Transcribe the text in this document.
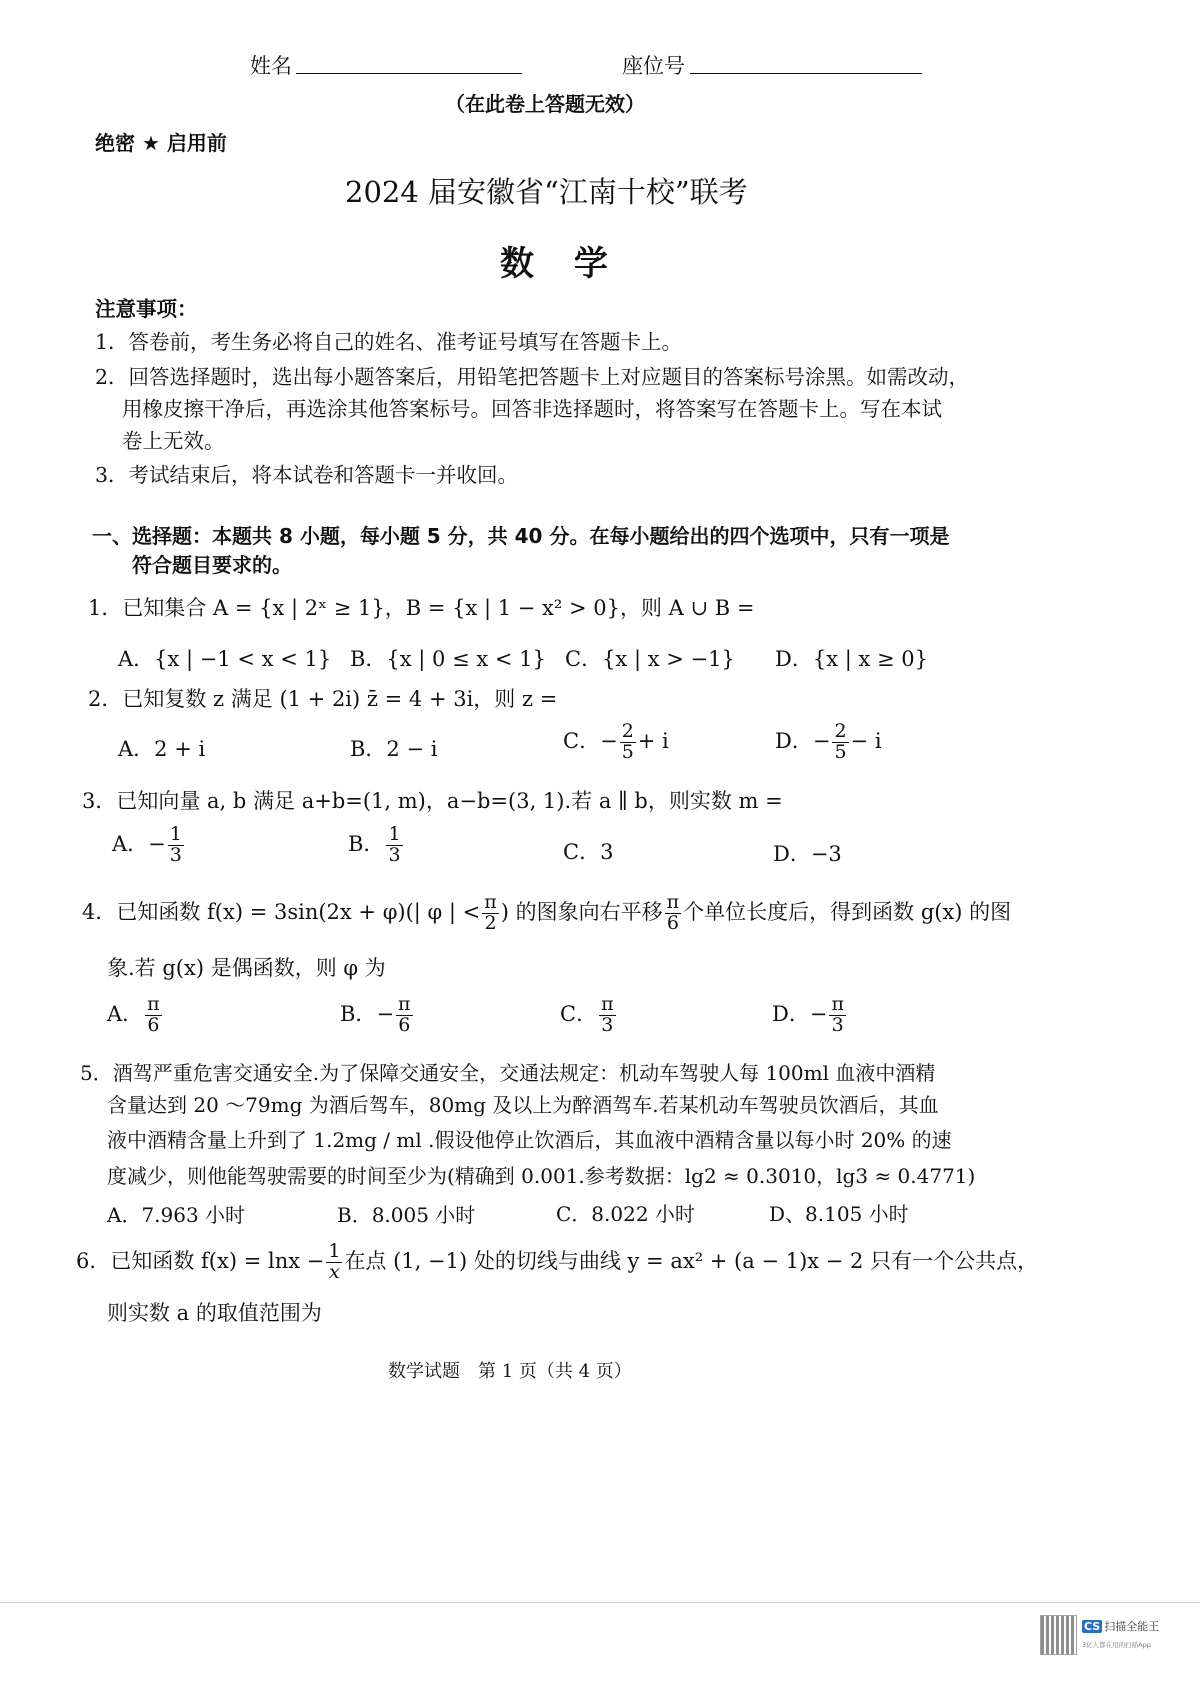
姓名	座位号
（在此卷上答题无效）
绝密 ★ 启用前
2024 届安徽省“江南十校”联考
数 学
注意事项：
1．答卷前，考生务必将自己的姓名、准考证号填写在答题卡上。
2．回答选择题时，选出每小题答案后，用铅笔把答题卡上对应题目的答案标号涂黑。如需改动，
用橡皮擦干净后，再选涂其他答案标号。回答非选择题时，将答案写在答题卡上。写在本试
卷上无效。
3．考试结束后，将本试卷和答题卡一并收回。
一、选择题：本题共 8 小题，每小题 5 分，共 40 分。在每小题给出的四个选项中，只有一项是
符合题目要求的。
1．已知集合 A = {x | 2ˣ ≥ 1}，B = {x | 1 − x² > 0}，则 A ∪ B =
A．{x | −1 < x < 1} B．{x | 0 ≤ x < 1} C．{x | x > −1} D．{x | x ≥ 0}
2．已知复数 z 满足 (1 + 2i) z̄ = 4 + 3i，则 z =
A．2 + i	B．2 − i	C．− $\frac{2}{5} + i$	D．− $\frac{2}{5} - i$
3．已知向量 a, b 满足 a+b=(1, m)，a−b=(3, 1).若 a ∥ b，则实数 m =
A．− $\frac{1}{3}$	B． $\frac{1}{3}$	C．3	D．−3
4．已知函数 f(x) = 3sin(2x + φ)(| φ | < $\frac{\pi}{2}$ ) 的图象向右平移 $\frac{\pi}{6}$ 个单位长度后，得到函数 g(x) 的图
象.若 g(x) 是偶函数，则 φ 为
A． $\frac{\pi}{6}$	B．− $\frac{\pi}{6}$	C． $\frac{\pi}{3}$	D．− $\frac{\pi}{3}$
5．酒驾严重危害交通安全.为了保障交通安全，交通法规定：机动车驾驶人每 100ml 血液中酒精
含量达到 20 ～79mg 为酒后驾车，80mg 及以上为醉酒驾车.若某机动车驾驶员饮酒后，其血
液中酒精含量上升到了 1.2mg / ml .假设他停止饮酒后，其血液中酒精含量以每小时 20% 的速
度减少，则他能驾驶需要的时间至少为(精确到 0.001.参考数据：lg2 ≈ 0.3010，lg3 ≈ 0.4771)
A．7.963 小时	B．8.005 小时	C．8.022 小时	D、8.105 小时
6．已知函数 $f(x) = \ln x - \frac{1}{x}$ 在点 (1, −1) 处的切线与曲线 y = ax² + (a − 1)x − 2 只有一个公共点，
则实数 a 的取值范围为
数学试题　第 1 页（共 4 页）
CS 扫描全能王
3亿人都在用的扫描App
